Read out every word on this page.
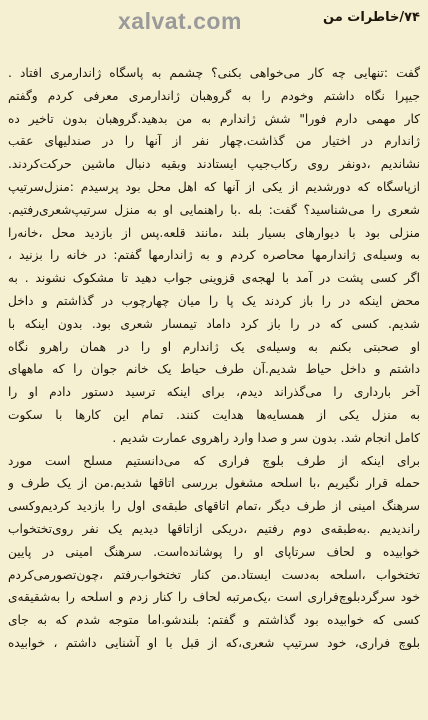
xalvat.com	۷۴/خاطرات من
گفت :تنهایی چه کار می‌خواهی بکنی؟ چشمم به پاسگاه ژاندارمری افتاد .
جیپرا نگاه داشتم وخودم را به گروهبان ژاندارمری معرفی کردم وگفتم
کار مهمی دارم فورا" شش ژاندارم به من بدهید.گروهبان بدون تاخیر ده
ژاندارم در اختیار من گذاشت.چهار نفر از آنها را در صندلیهای عقب
نشاندیم ،دونفر روی رکاب‌جیپ ایستادند وبقیه دنبال ماشین حرکت‌کردند.
ازپاسگاه که دورشدیم از یکی از آنها که اهل محل بود پرسیدم :منزل‌سرتیپ
شعری را می‌شناسید؟ گفت: بله .با راهنمایی او به منزل سرتیپ‌شعری‌رفتیم.
منزلی بود با دیوارهای بسیار بلند ،مانند قلعه.پس از بازدید محل ،خانه‌را
به وسیله‌ی ژاندارمها محاصره کردم و به ژاندارمها گفتم: در خانه را بزنید ،
اگر کسی پشت در آمد با لهجه‌ی قزوینی جواب دهید تا مشکوک نشوند . به
محض اینکه در را باز کردند یک پا را میان چهارچوب در گذاشتم و داخل
شدیم. کسی که در را باز کرد داماد تیمسار شعری بود. بدون اینکه با
او صحبتی بکنم به وسیله‌ی یک ژاندارم او را در همان راهرو نگاه
داشتم و داخل حیاط شدیم.آن طرف حیاط یک خانم جوان را که ماههای
آخر بارداری را می‌گذراند دیدم، برای اینکه ترسید دستور دادم او را
به منزل یکی از همسایه‌ها هدایت کنند. تمام این کارها با سکوت
کامل انجام شد. بدون سر و صدا وارد راهروی عمارت شدیم .
برای اینکه از طرف بلوچ فراری که می‌دانستیم مسلح است مورد
حمله قرار نگیریم ،با اسلحه مشغول بررسی اتاقها شدیم.من از یک طرف و
سرهنگ امینی از طرف دیگر ،تمام اتاقهای طبقه‌ی اول را بازدید کردیم‌وکسی
راندیدیم .به‌طبقه‌ی دوم رفتیم ،دریکی ازاتاقها دیدیم یک نفر روی‌تختخواب
خوابیده و لحاف سرتاپای او را پوشانده‌است. سرهنگ امینی در پایین
تختخواب ،اسلحه به‌دست ایستاد.من کنار تختخواب‌رفتم ،چون‌تصورمی‌کردم
خود سرگردبلوچ‌فراری است ،یک‌مرتبه لحاف را کنار زدم و اسلحه را به‌شقیقه‌ی
کسی که خوابیده بود گذاشتم و گفتم: بلندشو.اما متوجه شدم که به جای
بلوچ فراری، خود سرتیپ شعری،که از قبل با او آشنایی داشتم ، خوابیده
